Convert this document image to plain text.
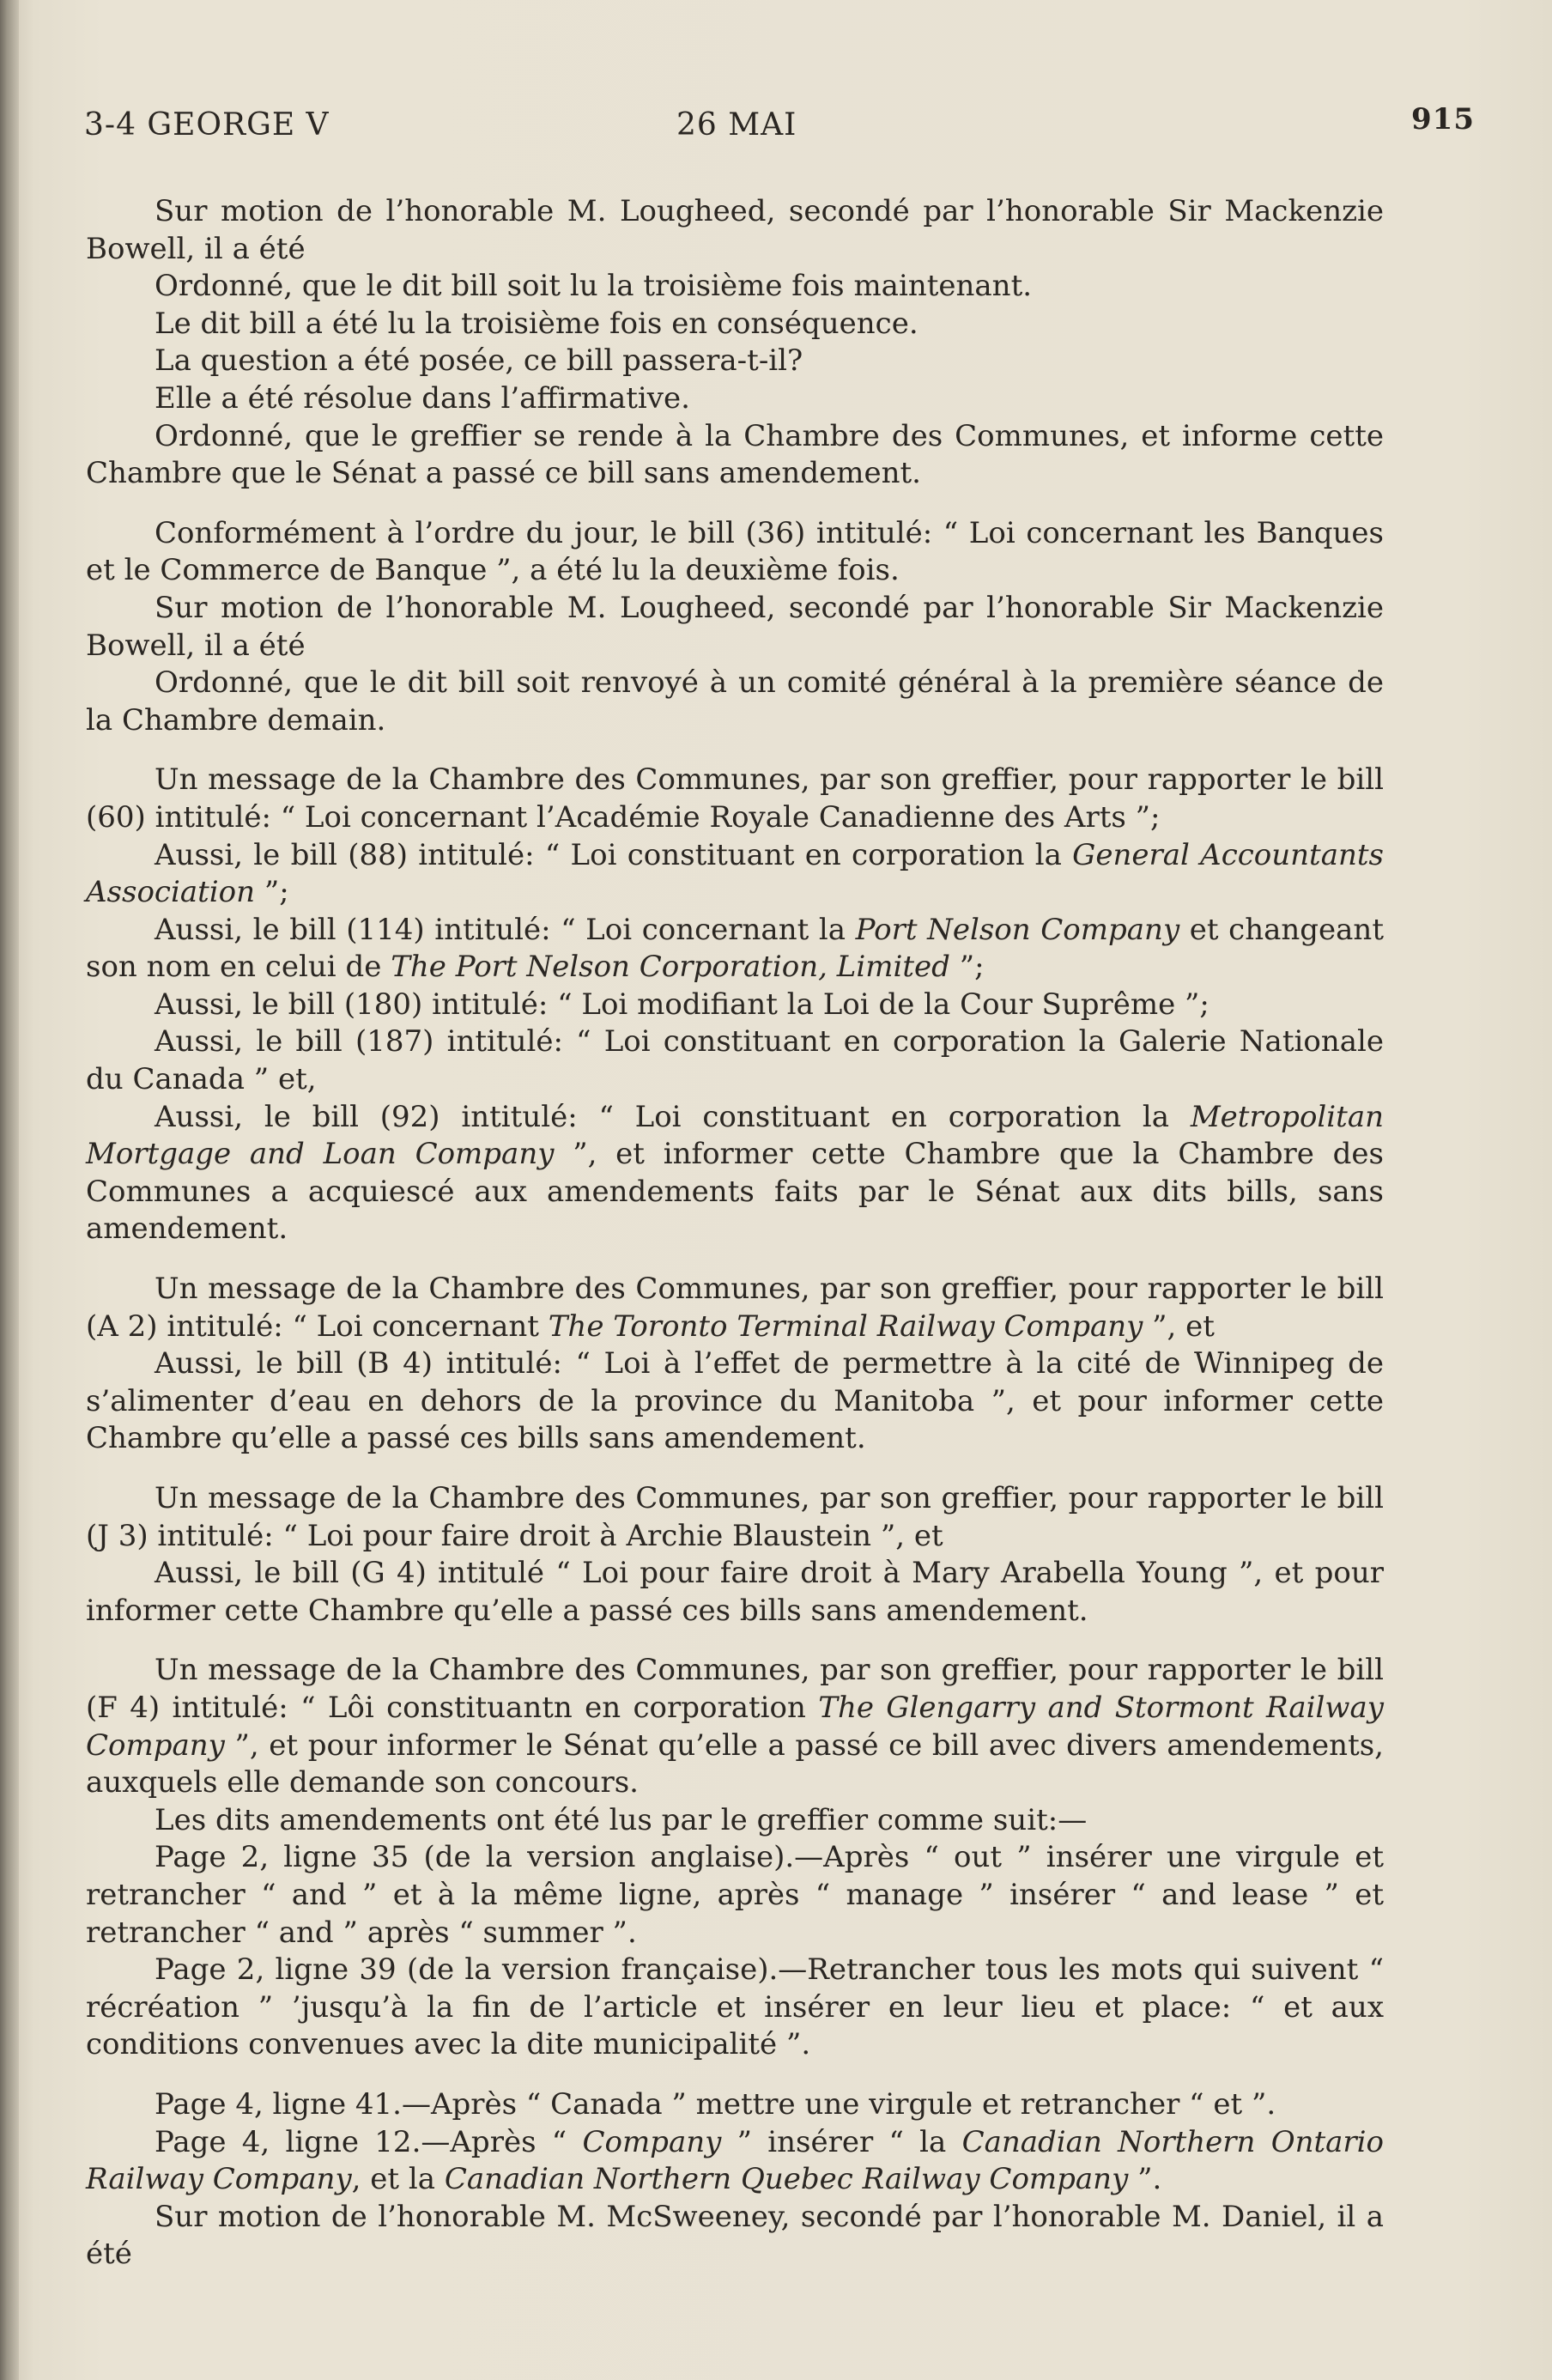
3-4 GEORGE V	26 MAI	915

Sur motion de l’honorable M. Lougheed, secondé par l’honorable Sir Mackenzie Bowell, il a été

Ordonné, que le dit bill soit lu la troisième fois maintenant.

Le dit bill a été lu la troisième fois en conséquence.

La question a été posée, ce bill passera-t-il?

Elle a été résolue dans l’affirmative.

Ordonné, que le greffier se rende à la Chambre des Communes, et informe cette Chambre que le Sénat a passé ce bill sans amendement.

Conformément à l’ordre du jour, le bill (36) intitulé: “ Loi concernant les Banques et le Commerce de Banque ”, a été lu la deuxième fois.

Sur motion de l’honorable M. Lougheed, secondé par l’honorable Sir Mackenzie Bowell, il a été

Ordonné, que le dit bill soit renvoyé à un comité général à la première séance de la Chambre demain.

Un message de la Chambre des Communes, par son greffier, pour rapporter le bill (60) intitulé: “ Loi concernant l’Académie Royale Canadienne des Arts ”;

Aussi, le bill (88) intitulé: “ Loi constituant en corporation la General Accountants Association ”;

Aussi, le bill (114) intitulé: “ Loi concernant la Port Nelson Company et changeant son nom en celui de The Port Nelson Corporation, Limited ”;

Aussi, le bill (180) intitulé: “ Loi modifiant la Loi de la Cour Suprême ”;

Aussi, le bill (187) intitulé: “ Loi constituant en corporation la Galerie Nationale du Canada ” et,

Aussi, le bill (92) intitulé: “ Loi constituant en corporation la Metropolitan Mortgage and Loan Company ”, et informer cette Chambre que la Chambre des Communes a acquiescé aux amendements faits par le Sénat aux dits bills, sans amendement.

Un message de la Chambre des Communes, par son greffier, pour rapporter le bill (A 2) intitulé: “ Loi concernant The Toronto Terminal Railway Company ”, et

Aussi, le bill (B 4) intitulé: “ Loi à l’effet de permettre à la cité de Winnipeg de s’alimenter d’eau en dehors de la province du Manitoba ”, et pour informer cette Chambre qu’elle a passé ces bills sans amendement.

Un message de la Chambre des Communes, par son greffier, pour rapporter le bill (J 3) intitulé: “ Loi pour faire droit à Archie Blaustein ”, et

Aussi, le bill (G 4) intitulé “ Loi pour faire droit à Mary Arabella Young ”, et pour informer cette Chambre qu’elle a passé ces bills sans amendement.

Un message de la Chambre des Communes, par son greffier, pour rapporter le bill (F 4) intitulé: “ Lôi constituantn en corporation The Glengarry and Stormont Railway Company ”, et pour informer le Sénat qu’elle a passé ce bill avec divers amendements, auxquels elle demande son concours.

Les dits amendements ont été lus par le greffier comme suit:—

Page 2, ligne 35 (de la version anglaise).—Après “ out ” insérer une virgule et retrancher “ and ” et à la même ligne, après “ manage ” insérer “ and lease ” et retrancher “ and ” après “ summer ”.

Page 2, ligne 39 (de la version française).—Retrancher tous les mots qui suivent “ récréation ” ’jusqu’à la fin de l’article et insérer en leur lieu et place: “ et aux conditions convenues avec la dite municipalité ”.

Page 4, ligne 41.—Après “ Canada ” mettre une virgule et retrancher “ et ”.

Page 4, ligne 12.—Après “ Company ” insérer “ la Canadian Northern Ontario Railway Company, et la Canadian Northern Quebec Railway Company ”.

Sur motion de l’honorable M. McSweeney, secondé par l’honorable M. Daniel, il a été
